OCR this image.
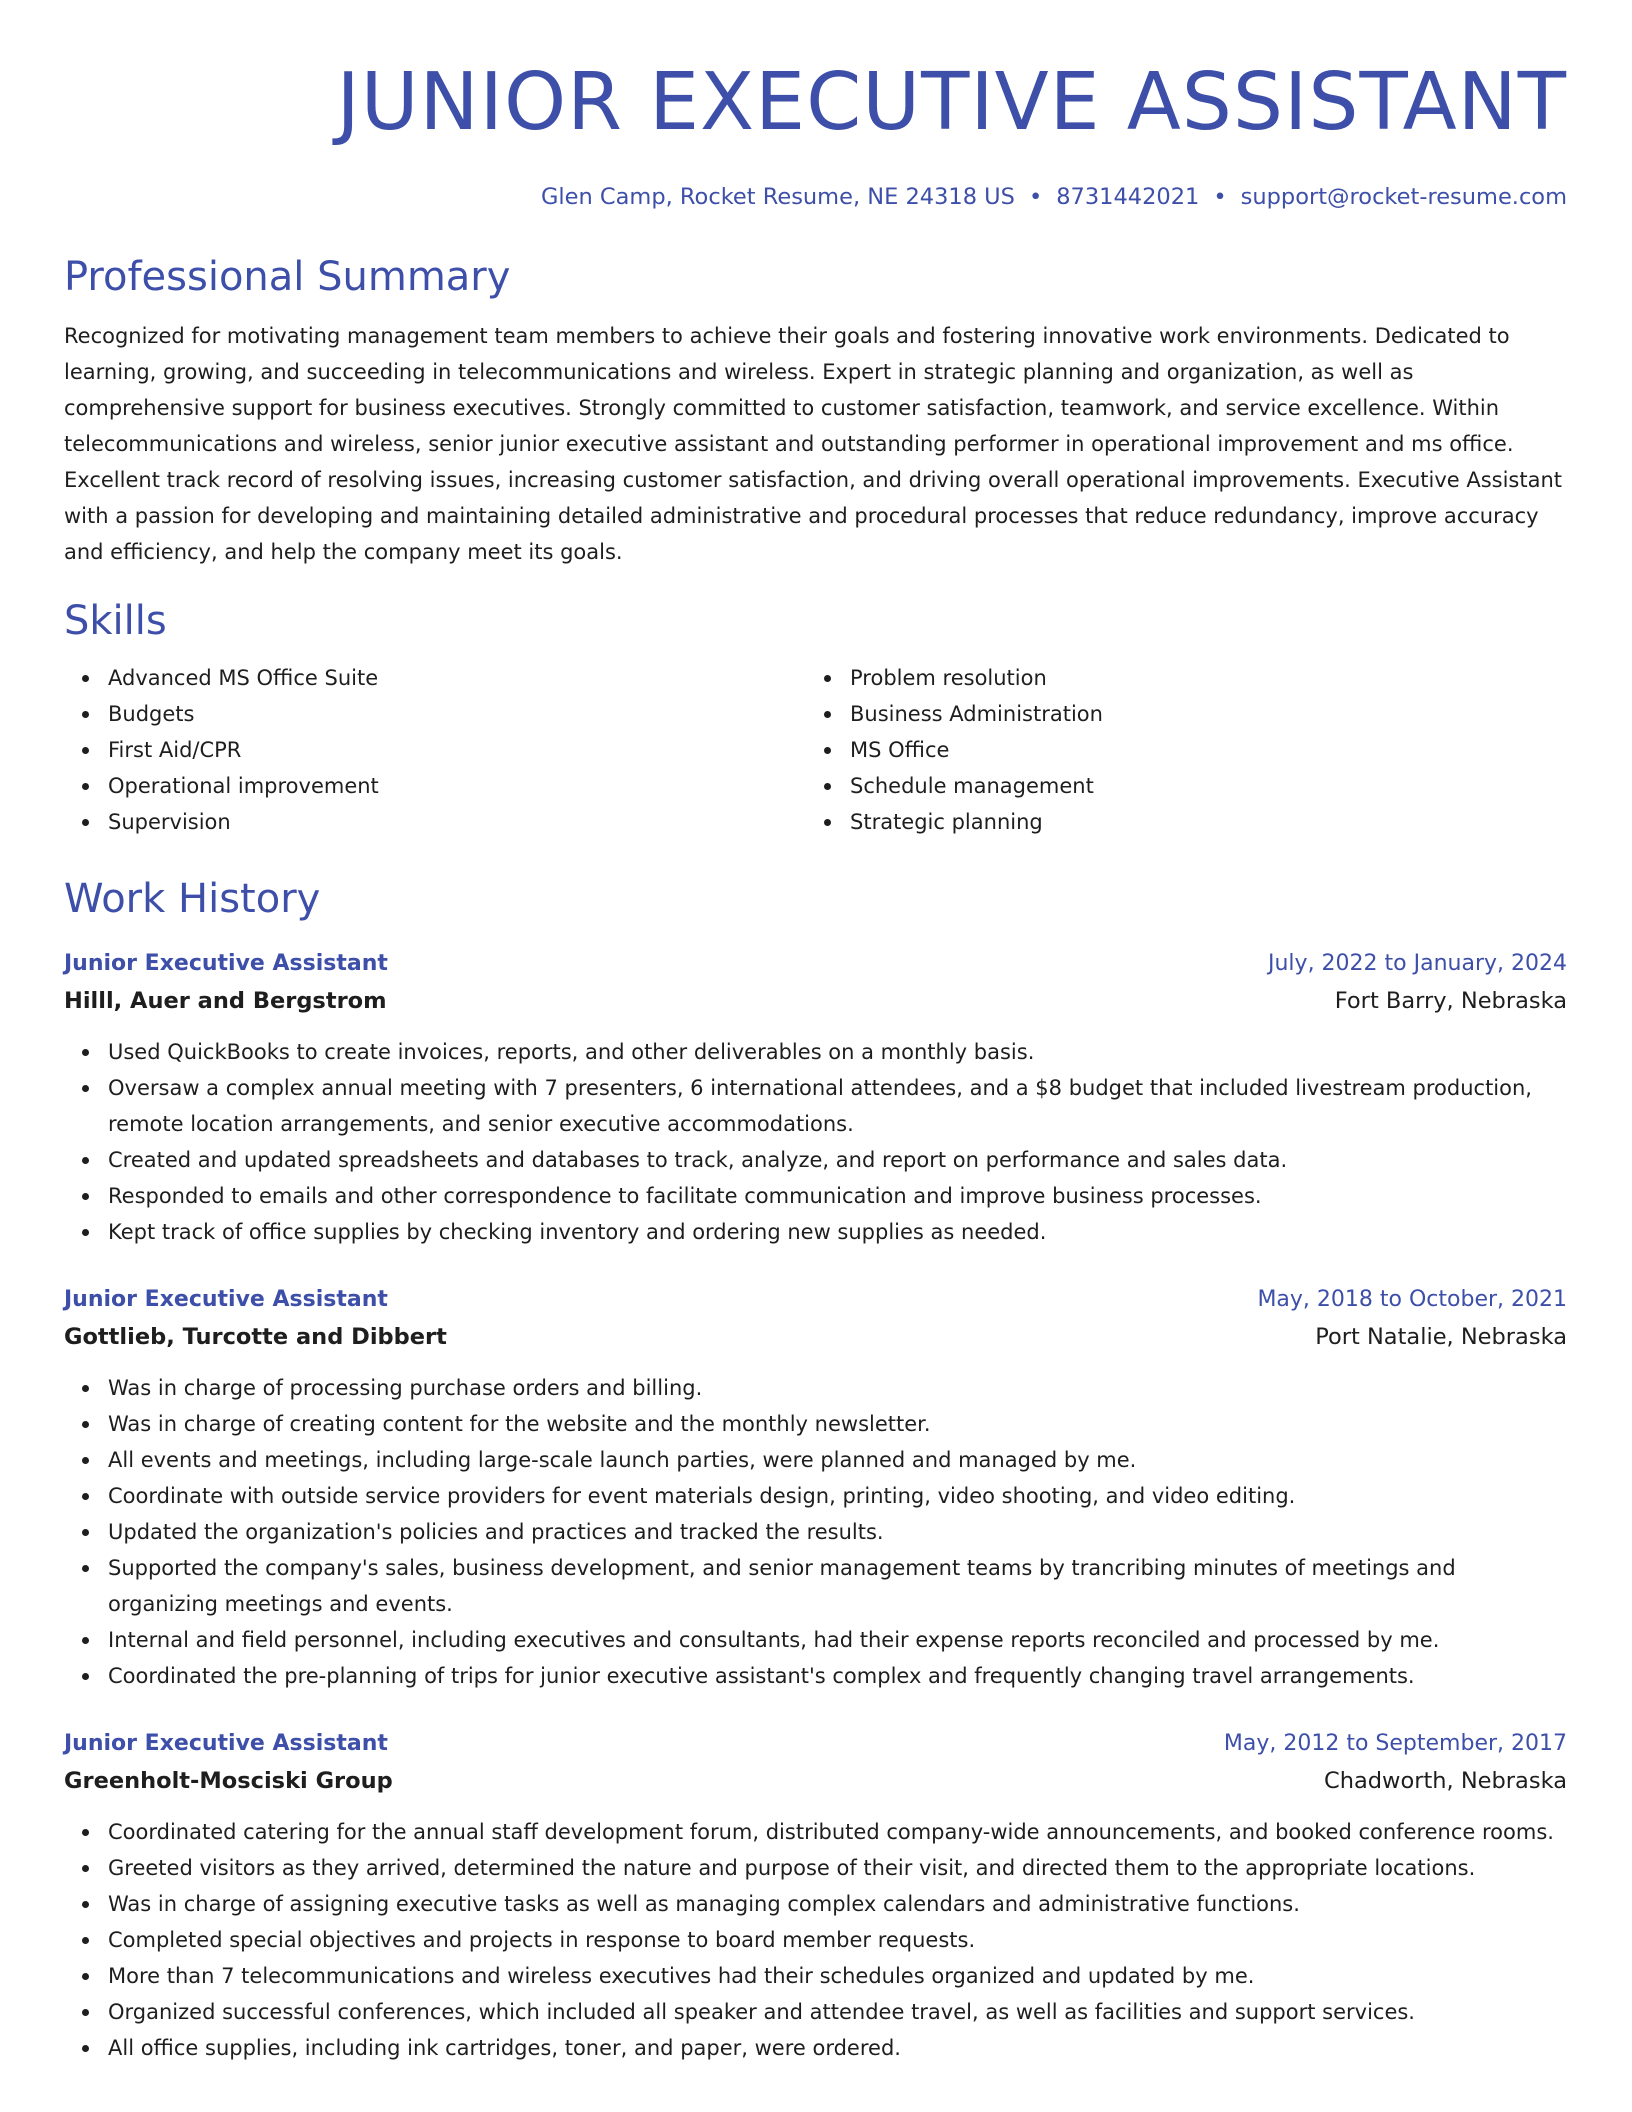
JUNIOR EXECUTIVE ASSISTANT
Glen Camp, Rocket Resume, NE 24318 US • 8731442021 • support@rocket-resume.com
Professional Summary

Recognized for motivating management team members to achieve their goals and fostering innovative work environments. Dedicated to learning, growing, and succeeding in telecommunications and wireless. Expert in strategic planning and organization, as well as comprehensive support for business executives. Strongly committed to customer satisfaction, teamwork, and service excellence. Within telecommunications and wireless, senior junior executive assistant and outstanding performer in operational improvement and ms office. Excellent track record of resolving issues, increasing customer satisfaction, and driving overall operational improvements. Executive Assistant with a passion for developing and maintaining detailed administrative and procedural processes that reduce redundancy, improve accuracy and efficiency, and help the company meet its goals.

Skills
Advanced MS Office Suite
Budgets
First Aid/CPR
Operational improvement
Supervision
Problem resolution
Business Administration
MS Office
Schedule management
Strategic planning
Work History
Junior Executive Assistant	July, 2022 to January, 2024
Hilll, Auer and Bergstrom	Fort Barry, Nebraska
Used QuickBooks to create invoices, reports, and other deliverables on a monthly basis.
Oversaw a complex annual meeting with 7 presenters, 6 international attendees, and a $8 budget that included livestream production, remote location arrangements, and senior executive accommodations.
Created and updated spreadsheets and databases to track, analyze, and report on performance and sales data.
Responded to emails and other correspondence to facilitate communication and improve business processes.
Kept track of office supplies by checking inventory and ordering new supplies as needed.
Junior Executive Assistant	May, 2018 to October, 2021
Gottlieb, Turcotte and Dibbert	Port Natalie, Nebraska
Was in charge of processing purchase orders and billing.
Was in charge of creating content for the website and the monthly newsletter.
All events and meetings, including large-scale launch parties, were planned and managed by me.
Coordinate with outside service providers for event materials design, printing, video shooting, and video editing.
Updated the organization's policies and practices and tracked the results.
Supported the company's sales, business development, and senior management teams by trancribing minutes of meetings and organizing meetings and events.
Internal and field personnel, including executives and consultants, had their expense reports reconciled and processed by me.
Coordinated the pre-planning of trips for junior executive assistant's complex and frequently changing travel arrangements.
Junior Executive Assistant	May, 2012 to September, 2017
Greenholt-Mosciski Group	Chadworth, Nebraska
Coordinated catering for the annual staff development forum, distributed company-wide announcements, and booked conference rooms.
Greeted visitors as they arrived, determined the nature and purpose of their visit, and directed them to the appropriate locations.
Was in charge of assigning executive tasks as well as managing complex calendars and administrative functions.
Completed special objectives and projects in response to board member requests.
More than 7 telecommunications and wireless executives had their schedules organized and updated by me.
Organized successful conferences, which included all speaker and attendee travel, as well as facilities and support services.
All office supplies, including ink cartridges, toner, and paper, were ordered.
